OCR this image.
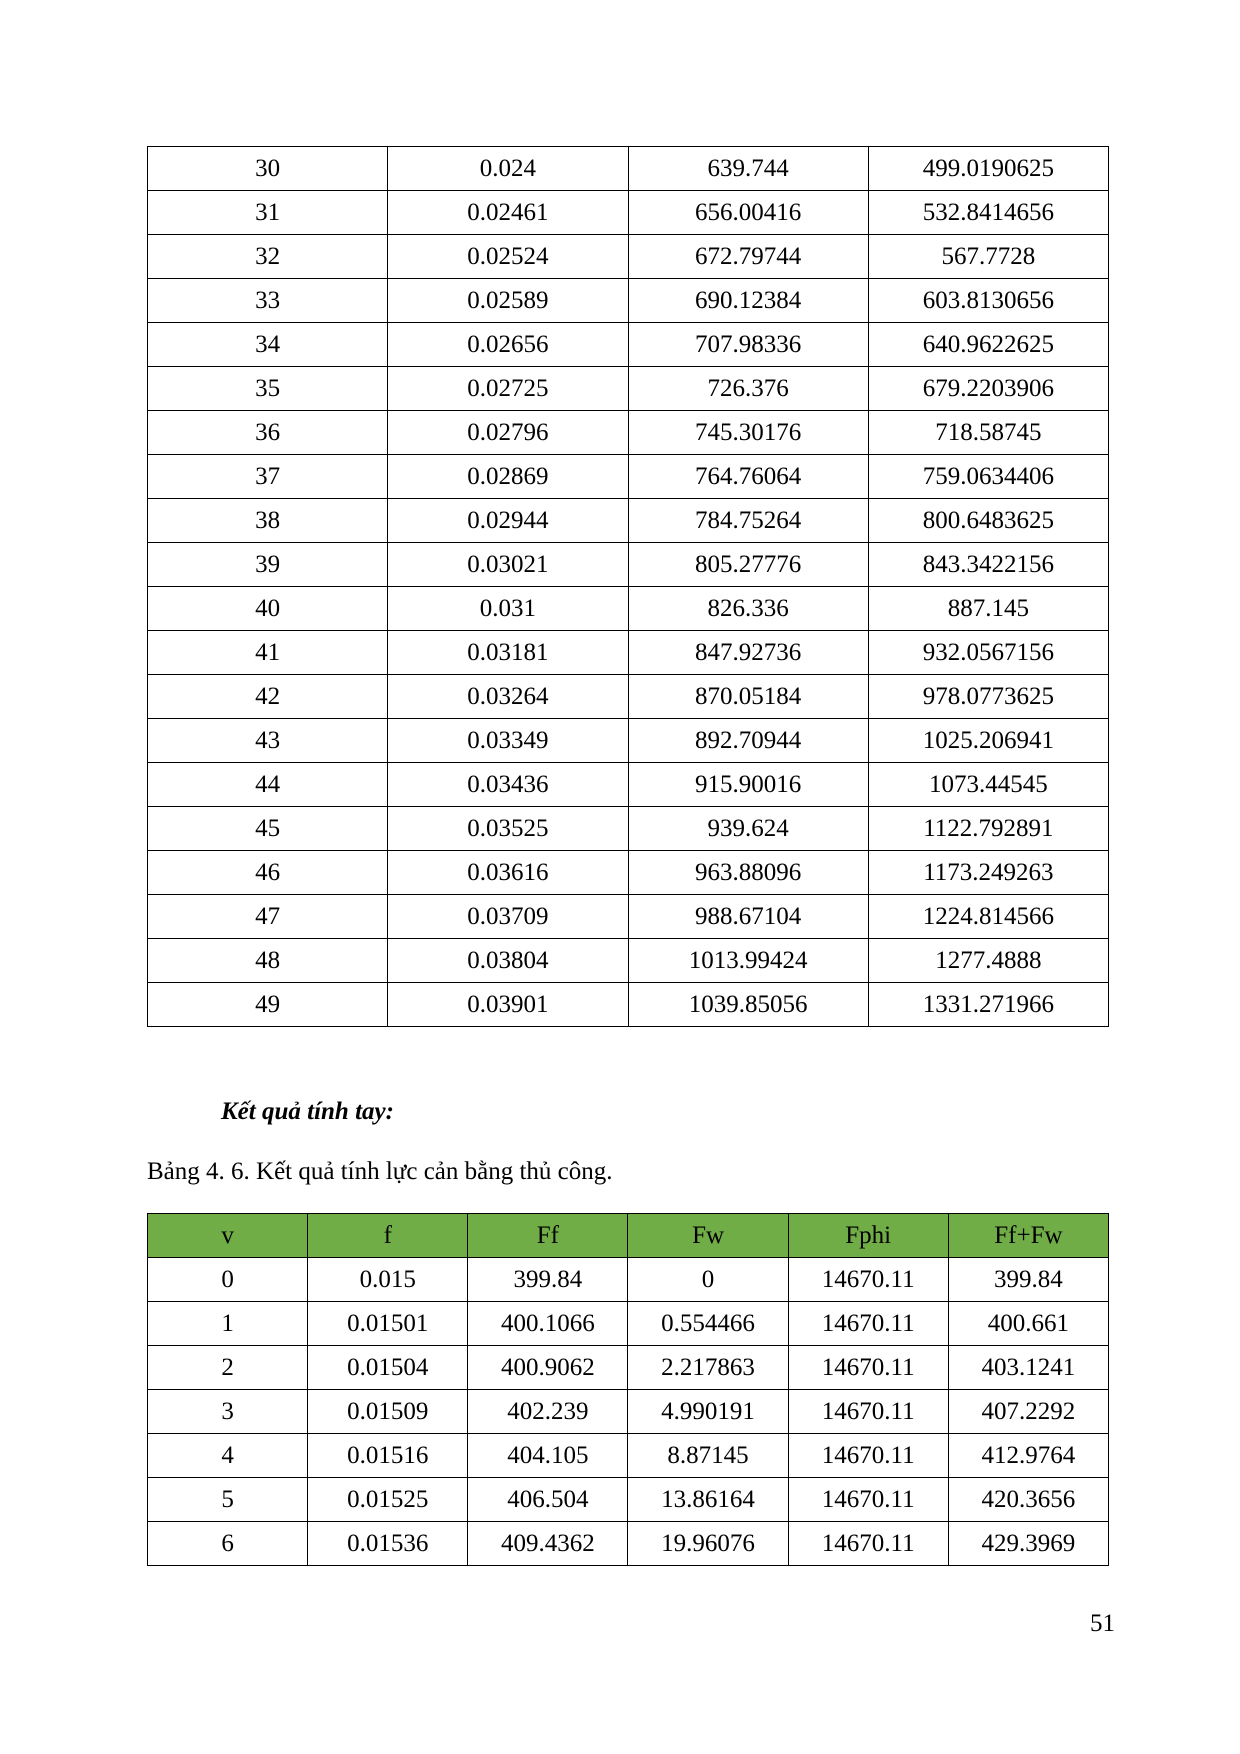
30	0.024	639.744	499.0190625
31	0.02461	656.00416	532.8414656
32	0.02524	672.79744	567.7728
33	0.02589	690.12384	603.8130656
34	0.02656	707.98336	640.9622625
35	0.02725	726.376	679.2203906
36	0.02796	745.30176	718.58745
37	0.02869	764.76064	759.0634406
38	0.02944	784.75264	800.6483625
39	0.03021	805.27776	843.3422156
40	0.031	826.336	887.145
41	0.03181	847.92736	932.0567156
42	0.03264	870.05184	978.0773625
43	0.03349	892.70944	1025.206941
44	0.03436	915.90016	1073.44545
45	0.03525	939.624	1122.792891
46	0.03616	963.88096	1173.249263
47	0.03709	988.67104	1224.814566
48	0.03804	1013.99424	1277.4888
49	0.03901	1039.85056	1331.271966
Kết quả tính tay:
Bảng 4. 6. Kết quả tính lực cản bằng thủ công.
v	f	Ff	Fw	Fphi	Ff+Fw
0	0.015	399.84	0	14670.11	399.84
1	0.01501	400.1066	0.554466	14670.11	400.661
2	0.01504	400.9062	2.217863	14670.11	403.1241
3	0.01509	402.239	4.990191	14670.11	407.2292
4	0.01516	404.105	8.87145	14670.11	412.9764
5	0.01525	406.504	13.86164	14670.11	420.3656
6	0.01536	409.4362	19.96076	14670.11	429.3969
51
